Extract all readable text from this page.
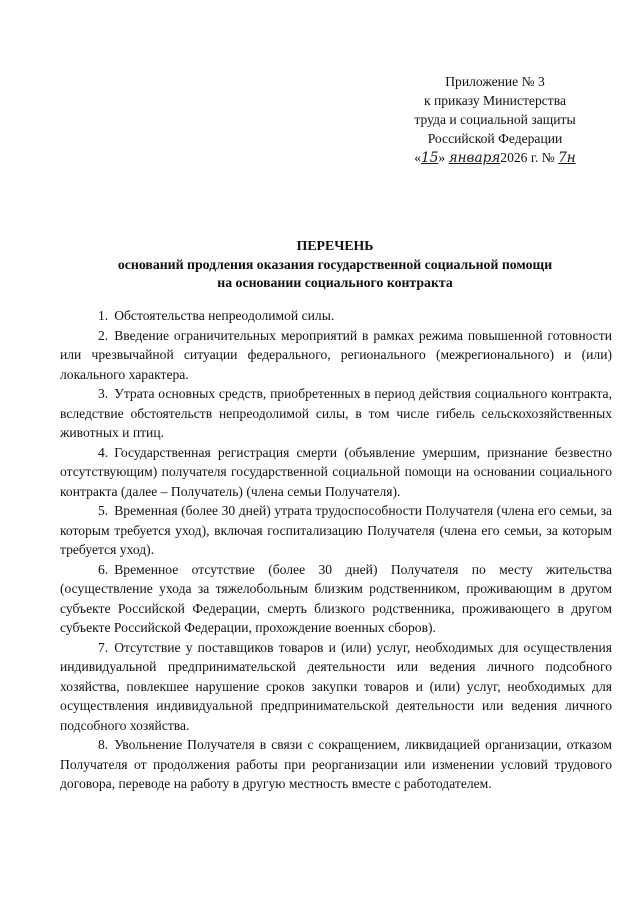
Приложение № 3
к приказу Министерства
труда и социальной защиты
Российской Федерации
«15» января2026 г. № 7н
ПЕРЕЧЕНЬ
оснований продления оказания государственной социальной помощи
на основании социального контракта

1. Обстоятельства непреодолимой силы.

2. Введение ограничительных мероприятий в рамках режима повышенной готовности или чрезвычайной ситуации федерального, регионального (межрегионального) и (или) локального характера.

3. Утрата основных средств, приобретенных в период действия социального контракта, вследствие обстоятельств непреодолимой силы, в том числе гибель сельскохозяйственных животных и птиц.

4. Государственная регистрация смерти (объявление умершим, признание безвестно отсутствующим) получателя государственной социальной помощи на основании социального контракта (далее – Получатель) (члена семьи Получателя).

5. Временная (более 30 дней) утрата трудоспособности Получателя (члена его семьи, за которым требуется уход), включая госпитализацию Получателя (члена его семьи, за которым требуется уход).

6. Временное отсутствие (более 30 дней) Получателя по месту жительства (осуществление ухода за тяжелобольным близким родственником, проживающим в другом субъекте Российской Федерации, смерть близкого родственника, проживающего в другом субъекте Российской Федерации, прохождение военных сборов).

7. Отсутствие у поставщиков товаров и (или) услуг, необходимых для осуществления индивидуальной предпринимательской деятельности или ведения личного подсобного хозяйства, повлекшее нарушение сроков закупки товаров и (или) услуг, необходимых для осуществления индивидуальной предпринимательской деятельности или ведения личного подсобного хозяйства.

8. Увольнение Получателя в связи с сокращением, ликвидацией организации, отказом Получателя от продолжения работы при реорганизации или изменении условий трудового договора, переводе на работу в другую местность вместе с работодателем.
